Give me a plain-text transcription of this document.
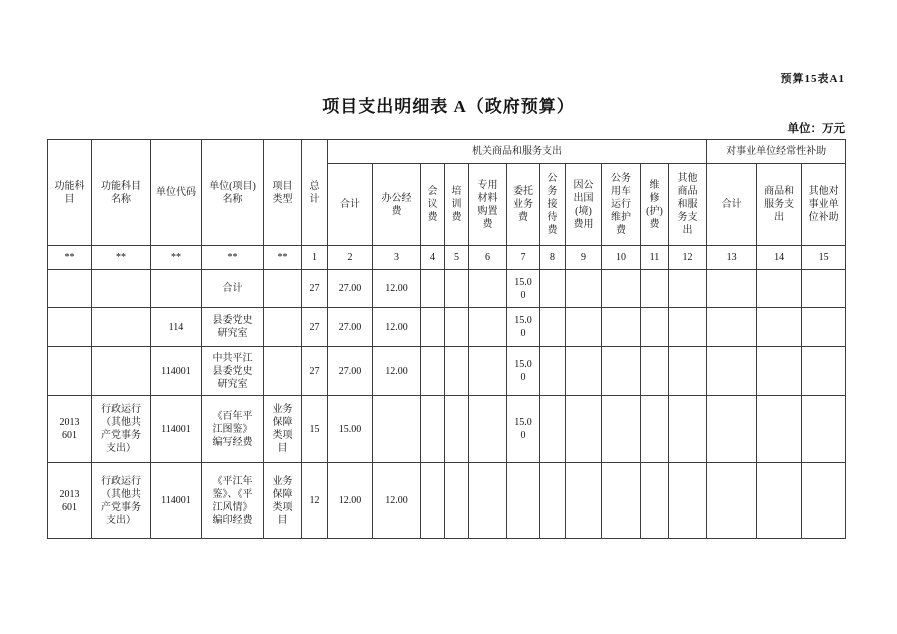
预算15表A1
项目支出明细表 A（政府预算）
单位：万元
功能科目	功能科目名称	单位代码	单位(项目)名称	项目类型	总计	机关商品和服务支出											对事业单位经常性补助		
						合计	办公经费	会议费	培训费	专用材料购置费	委托业务费	公务接待费	因公出国(境)费用	公务用车运行维护费	维修(护)费	其他商品和服务支出	合计	商品和服务支出	其他对事业单位补助
**	**	**	**	**	1	2	3	4	5	6	7	8	9	10	11	12	13	14	15
			合计		27	27.00	12.00				15.00								
		114	县委党史研究室		27	27.00	12.00				15.00								
		114001	中共平江县委党史研究室		27	27.00	12.00				15.00								
2013601	行政运行（其他共产党事务支出）	114001	《百年平江图鉴》编写经费	业务保障类项目	15	15.00					15.00								
2013601	行政运行（其他共产党事务支出）	114001	《平江年鉴》、《平江风情》编印经费	业务保障类项目	12	12.00	12.00												
